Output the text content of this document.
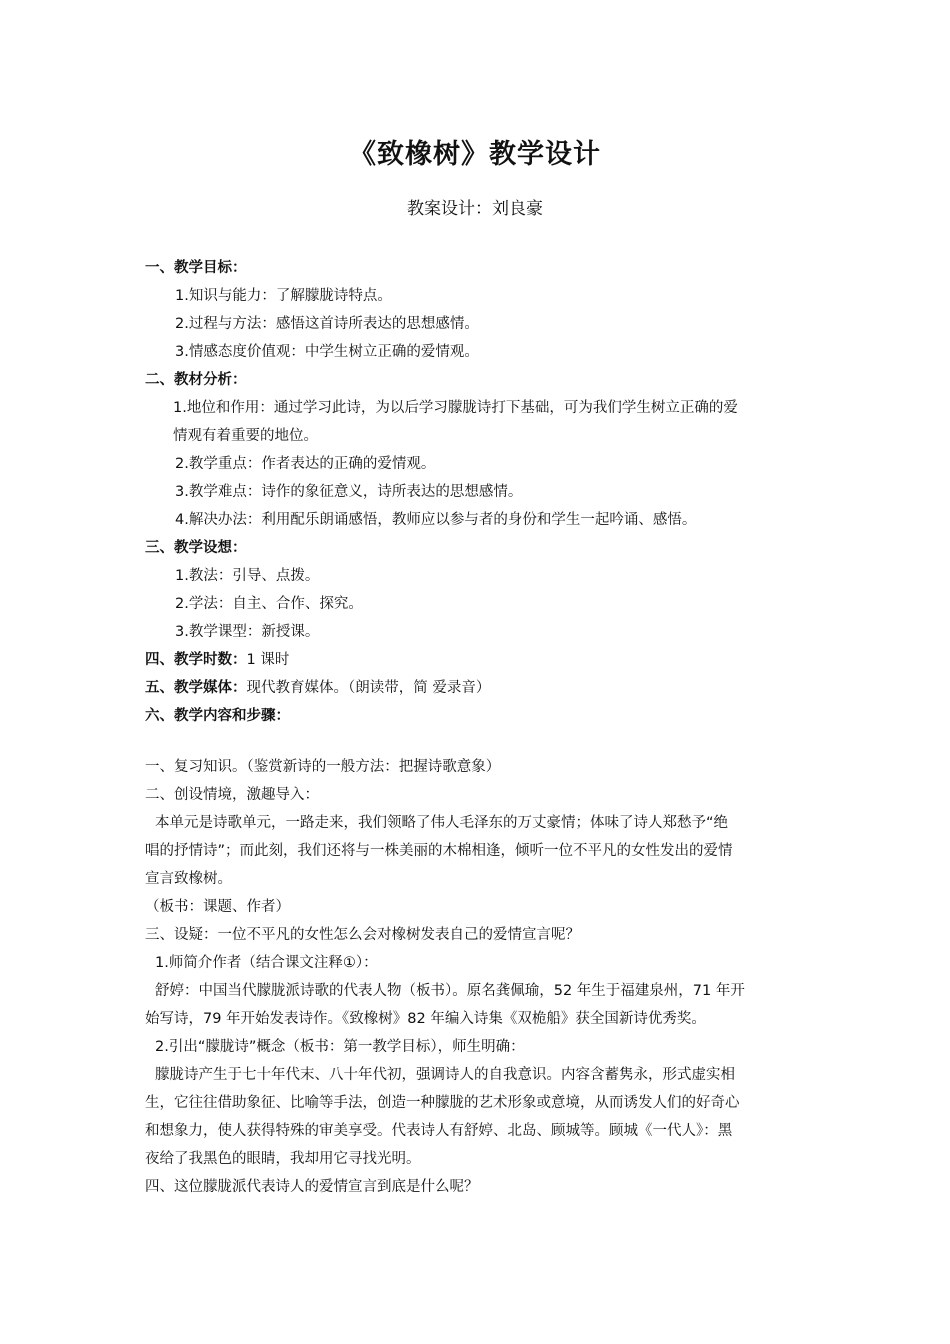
《致橡树》教学设计
教案设计：刘良豪
一、教学目标：
1.知识与能力：了解朦胧诗特点。
2.过程与方法：感悟这首诗所表达的思想感情。
3.情感态度价值观：中学生树立正确的爱情观。
二、教材分析：
1.地位和作用：通过学习此诗，为以后学习朦胧诗打下基础，可为我们学生树立正确的爱
情观有着重要的地位。
2.教学重点：作者表达的正确的爱情观。
3.教学难点：诗作的象征意义，诗所表达的思想感情。
4.解决办法：利用配乐朗诵感悟，教师应以参与者的身份和学生一起吟诵、感悟。
三、教学设想：
1.教法：引导、点拨。
2.学法：自主、合作、探究。
3.教学课型：新授课。
四、教学时数：1 课时
五、教学媒体：现代教育媒体。（朗读带，简 爱录音）
六、教学内容和步骤：
一、复习知识。（鉴赏新诗的一般方法：把握诗歌意象）
二、创设情境，激趣导入：
本单元是诗歌单元，一路走来，我们领略了伟人毛泽东的万丈豪情；体味了诗人郑愁予“绝
唱的抒情诗”；而此刻，我们还将与一株美丽的木棉相逢，倾听一位不平凡的女性发出的爱情
宣言致橡树。
（板书：课题、作者）
三、设疑：一位不平凡的女性怎么会对橡树发表自己的爱情宣言呢？
1.师简介作者（结合课文注释①）：
舒婷：中国当代朦胧派诗歌的代表人物（板书）。原名龚佩瑜，52 年生于福建泉州，71 年开
始写诗，79 年开始发表诗作。《致橡树》82 年编入诗集《双桅船》获全国新诗优秀奖。
2.引出“朦胧诗”概念（板书：第一教学目标），师生明确：
朦胧诗产生于七十年代末、八十年代初，强调诗人的自我意识。内容含蓄隽永，形式虚实相
生，它往往借助象征、比喻等手法，创造一种朦胧的艺术形象或意境，从而诱发人们的好奇心
和想象力，使人获得特殊的审美享受。代表诗人有舒婷、北岛、顾城等。顾城《一代人》：黑
夜给了我黑色的眼睛，我却用它寻找光明。
四、这位朦胧派代表诗人的爱情宣言到底是什么呢？
